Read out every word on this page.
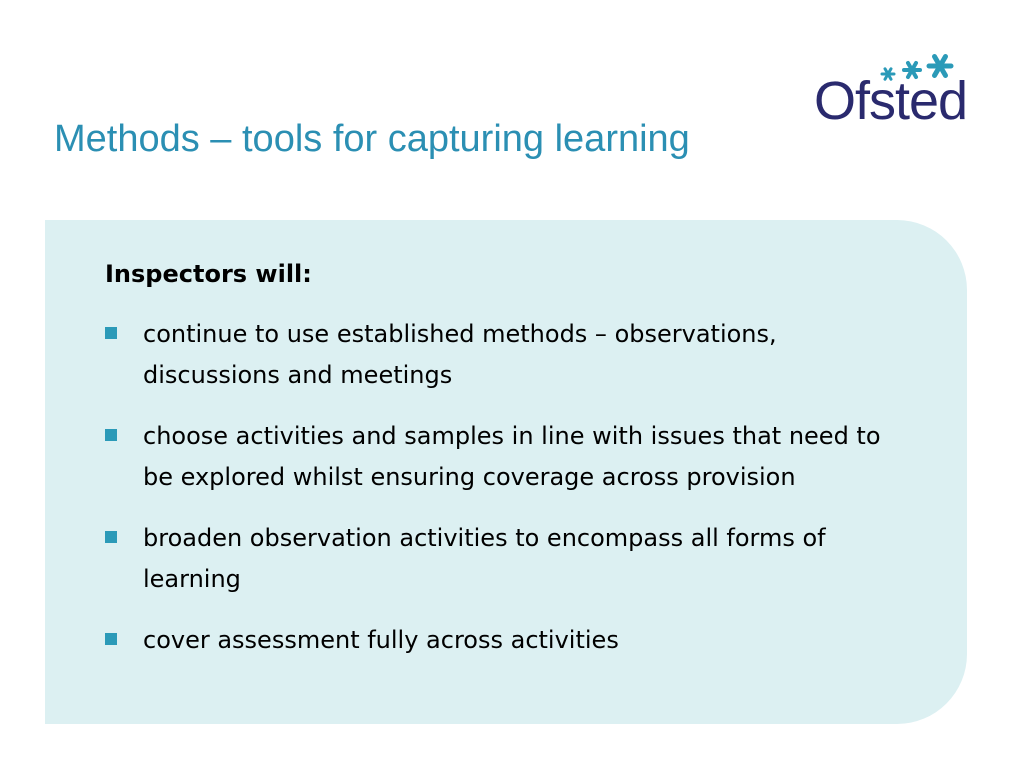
Methods – tools for capturing learning
Ofsted
Inspectors will:
continue to use established methods – observations, discussions and meetings
choose activities and samples in line with issues that need to be explored whilst ensuring coverage across provision
broaden observation activities to encompass all forms of learning
cover assessment fully across activities
